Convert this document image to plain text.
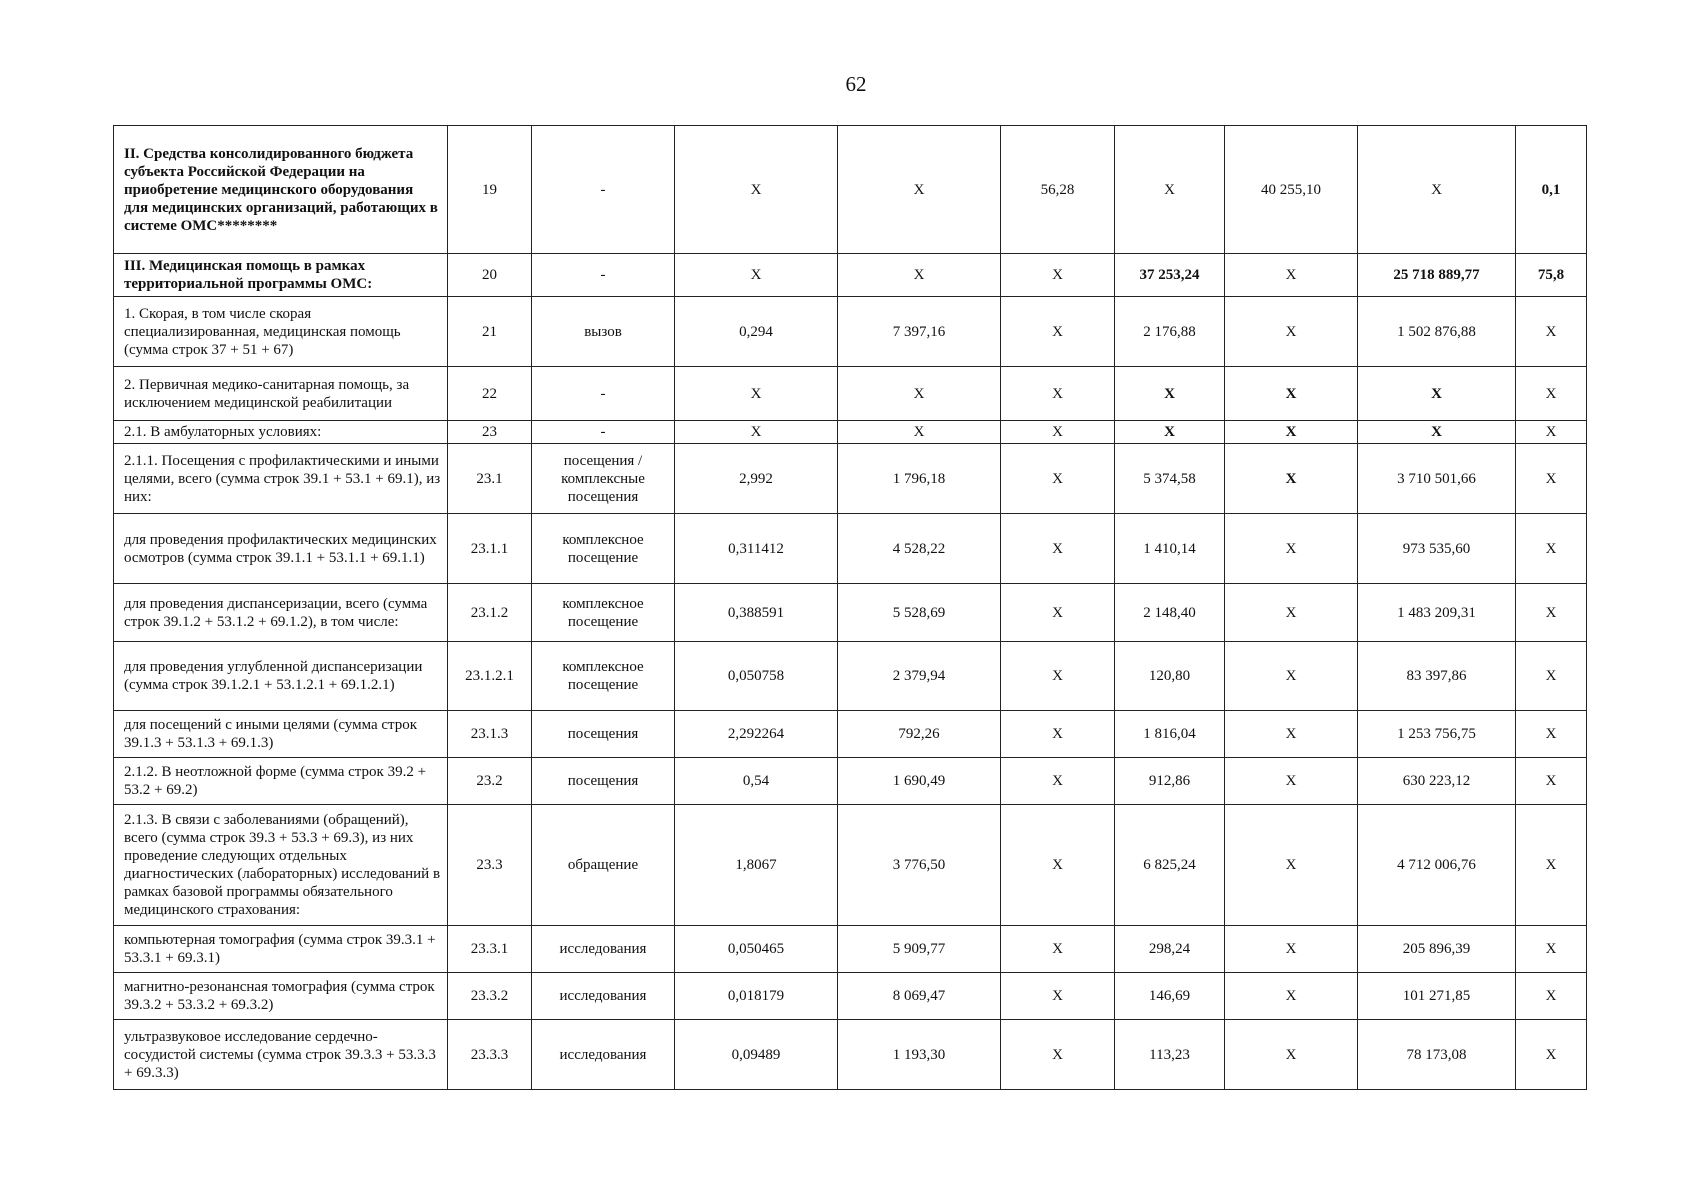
62
II. Средства консолидированного бюджета субъекта Российской Федерации на приобретение медицинского оборудования для медицинских организаций, работающих в системе ОМС********	19	-	Х	Х	56,28	Х	40 255,10	Х	0,1
III. Медицинская помощь в рамках территориальной программы ОМС:	20	-	Х	Х	Х	37 253,24	Х	25 718 889,77	75,8
1. Скорая, в том числе скорая специализированная, медицинская помощь (сумма строк 37 + 51 + 67)	21	вызов	0,294	7 397,16	Х	2 176,88	Х	1 502 876,88	Х
2. Первичная медико-санитарная помощь, за исключением медицинской реабилитации	22	-	Х	Х	Х	Х	Х	Х	Х
2.1. В амбулаторных условиях:	23	-	Х	Х	Х	Х	Х	Х	Х
2.1.1. Посещения с профилактическими и иными целями, всего (сумма строк 39.1 + 53.1 + 69.1), из них:	23.1	посещения / комплексные посещения	2,992	1 796,18	Х	5 374,58	Х	3 710 501,66	Х
для проведения профилактических медицинских осмотров (сумма строк 39.1.1 + 53.1.1 + 69.1.1)	23.1.1	комплексное посещение	0,311412	4 528,22	Х	1 410,14	Х	973 535,60	Х
для проведения диспансеризации, всего (сумма строк 39.1.2 + 53.1.2 + 69.1.2), в том числе:	23.1.2	комплексное посещение	0,388591	5 528,69	Х	2 148,40	Х	1 483 209,31	Х
для проведения углубленной диспансеризации (сумма строк 39.1.2.1 + 53.1.2.1 + 69.1.2.1)	23.1.2.1	комплексное посещение	0,050758	2 379,94	Х	120,80	Х	83 397,86	Х
для посещений с иными целями (сумма строк 39.1.3 + 53.1.3 + 69.1.3)	23.1.3	посещения	2,292264	792,26	Х	1 816,04	Х	1 253 756,75	Х
2.1.2. В неотложной форме (сумма строк 39.2 + 53.2 + 69.2)	23.2	посещения	0,54	1 690,49	Х	912,86	Х	630 223,12	Х
2.1.3. В связи с заболеваниями (обращений), всего (сумма строк 39.3 + 53.3 + 69.3), из них проведение следующих отдельных диагностических (лабораторных) исследований в рамках базовой программы обязательного медицинского страхования:	23.3	обращение	1,8067	3 776,50	Х	6 825,24	Х	4 712 006,76	Х
компьютерная томография (сумма строк 39.3.1 + 53.3.1 + 69.3.1)	23.3.1	исследования	0,050465	5 909,77	Х	298,24	Х	205 896,39	Х
магнитно-резонансная томография (сумма строк 39.3.2 + 53.3.2 + 69.3.2)	23.3.2	исследования	0,018179	8 069,47	Х	146,69	Х	101 271,85	Х
ультразвуковое исследование сердечно-сосудистой системы (сумма строк 39.3.3 + 53.3.3 + 69.3.3)	23.3.3	исследования	0,09489	1 193,30	Х	113,23	Х	78 173,08	Х
